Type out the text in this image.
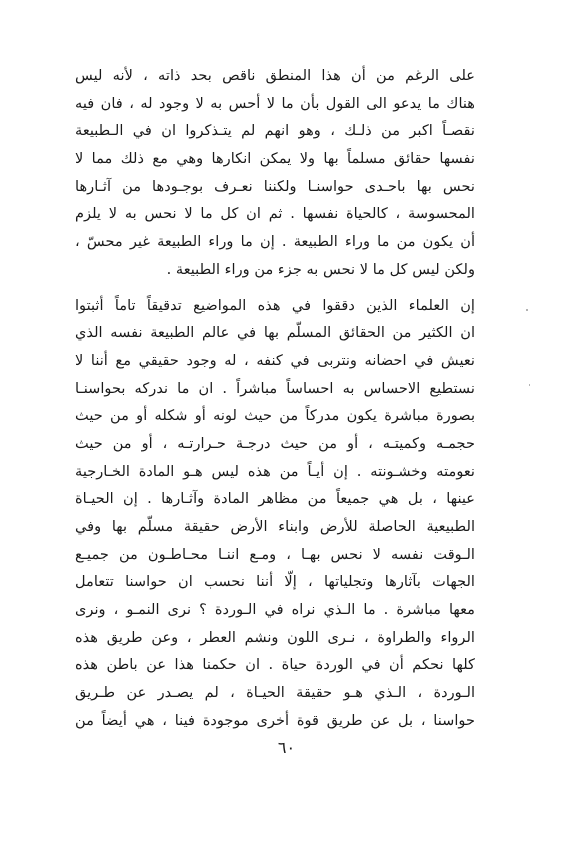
على الرغم من أن هذا المنطق ناقص بحد ذاته ، لأنه ليس
هناك ما يدعو الى القول بأن ما لا أحس به لا وجود له ، فان فيه
نقصـاً اكبر من ذلـك ، وهو انهم لم يتـذكروا ان في الـطبيعة
نفسها حقائق مسلماً بها ولا يمكن انكارها وهي مع ذلك مما لا
نحس بها باحـدى حواسنـا ولكننا نعـرف بوجـودها من آثـارها
المحسوسة ، كالحياة نفسها . ثم ان كل ما لا نحس به لا يلزم
أن يكون من ما وراء الطبيعة . إن ما وراء الطبيعة غير محسّ ،
ولكن ليس كل ما لا نحس به جزء من وراء الطبيعة .
إن العلماء الذين دققوا في هذه المواضيع تدقيقاً تاماً أثبتوا
ان الكثير من الحقائق المسلّم بها في عالم الطبيعة نفسه الذي
نعيش في احضانه ونتربى في كنفه ، له وجود حقيقي مع أننا لا
نستطيع الاحساس به احساساً مباشراً . ان ما ندركه بحواسنـا
بصورة مباشرة يكون مدركاً من حيث لونه أو شكله أو من حيث
حجمـه وكميتـه ، أو من حيث درجـة حـرارتـه ، أو من حيث
نعومته وخشـونته . إن أيـاً من هذه ليس هـو المادة الخـارجية
عينها ، بل هي جميعاً من مظاهر المادة وآثـارها . إن الحيـاة
الطبيعية الحاصلة للأرض وابناء الأرض حقيقة مسلّم بها وفي
الـوقت نفسه لا نحس بهـا ، ومـع اننـا محـاطـون من جميـع
الجهات بآثارها وتجلياتها ، إلّا أننا نحسب ان حواسنا تتعامل
معها مباشرة . ما الـذي نراه في الـوردة ؟ نرى النمـو ، ونرى
الرواء والطراوة ، نـرى اللون ونشم العطر ، وعن طريق هذه
كلها نحكم أن في الوردة حياة . ان حكمنا هذا عن باطن هذه
الـوردة ، الـذي هـو حقيقة الحيـاة ، لم يصـدر عن طـريق
حواسنا ، بل عن طريق قوة أخرى موجودة فينا ، هي أيضاً من
٦٠
